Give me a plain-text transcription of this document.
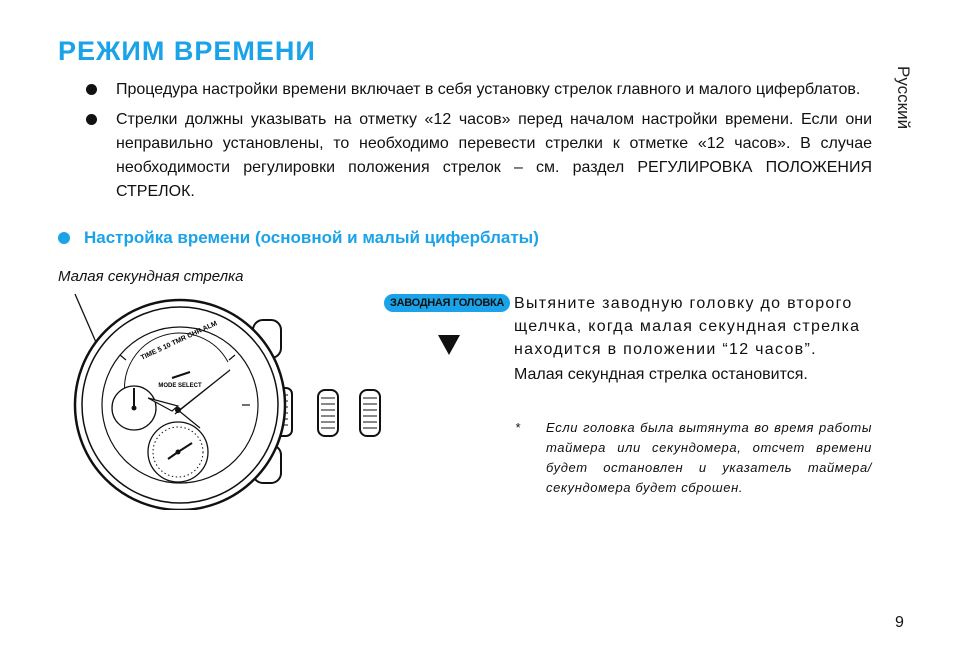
РЕЖИМ ВРЕМЕНИ
Русский
Процедура настройки времени включает в себя установку стрелок главного и малого циферблатов.
Стрелки должны указывать на отметку «12 часов» перед началом настройки времени. Если они неправильно установлены, то необходимо перевести стрелки к отметке «12 часов». В случае необходимости регулировки положения стрелок – см. раздел РЕГУЛИРОВКА ПОЛОЖЕНИЯ СТРЕЛОК.
Настройка времени (основной и малый циферблаты)
Малая секундная стрелка
MODE SELECT
TIME 5 10 TMR CHR ALM
ЗАВОДНАЯ ГОЛОВКА Вытяните заводную головку до второго щелчка, когда малая секундная стрелка находится в положении “12 часов”.
Малая секундная стрелка остановится.
* Если головка была вытянута во время работы таймера или секундомера, отсчет времени будет остановлен и указатель таймера/ секундомера будет сброшен.
9
